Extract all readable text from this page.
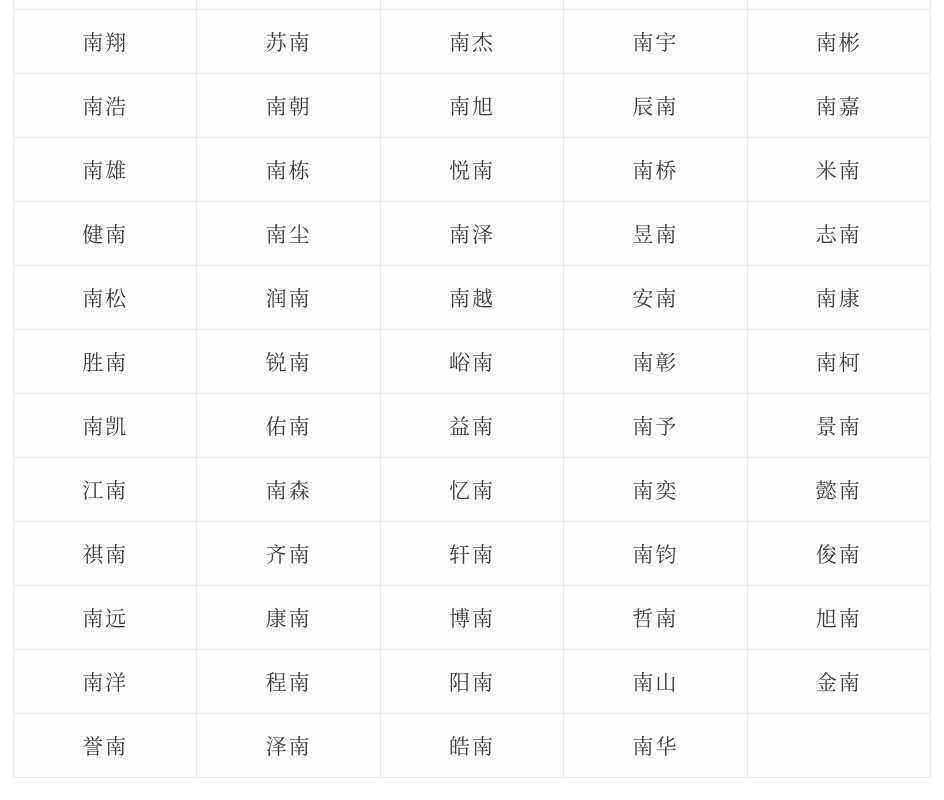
南翔	苏南	南杰	南宇	南彬
南浩	南朝	南旭	辰南	南嘉
南雄	南栋	悦南	南桥	米南
健南	南尘	南泽	昱南	志南
南松	润南	南越	安南	南康
胜南	锐南	峪南	南彰	南柯
南凯	佑南	益南	南予	景南
江南	南森	忆南	南奕	懿南
祺南	齐南	轩南	南钧	俊南
南远	康南	博南	哲南	旭南
南洋	程南	阳南	南山	金南
誉南	泽南	皓南	南华	
